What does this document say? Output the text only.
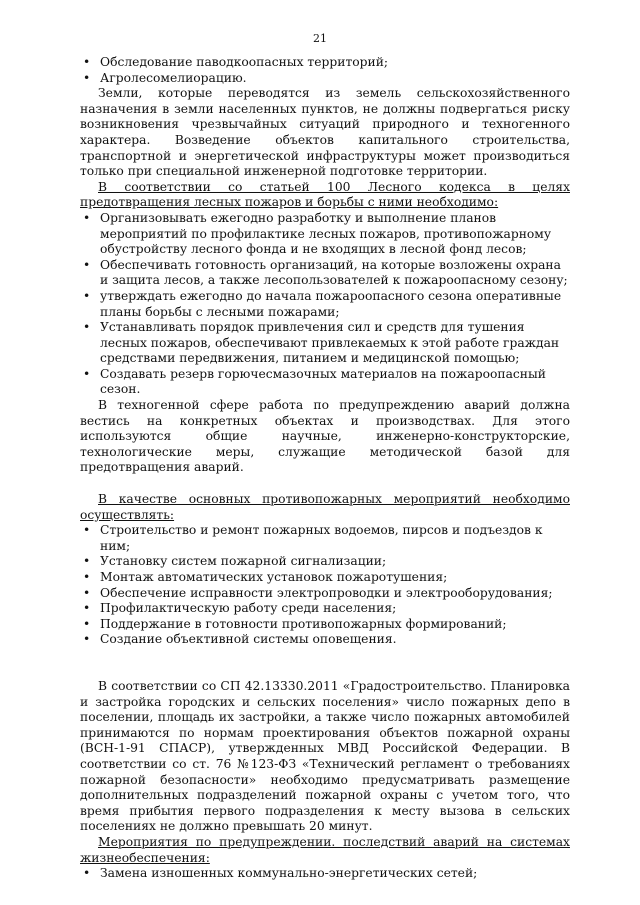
21
• Обследование паводкоопасных территорий;
• Агролесомелиорацию.

Земли, которые переводятся из земель сельскохозяйственного назначения в земли населенных пунктов, не должны подвергаться риску возникновения чрезвычайных ситуаций природного и техногенного характера. Возведение объектов капитального строительства, транспортной и энергетической инфраструктуры может производиться только при специальной инженерной подготовке территории.

В соответствии со статьей 100 Лесного кодекса в целях предотвращения лесных пожаров и борьбы с ними необходимо:

• Организовывать ежегодно разработку и выполнение планов мероприятий по профилактике лесных пожаров, противопожарному обустройству лесного фонда и не входящих в лесной фонд лесов;
• Обеспечивать готовность организаций, на которые возложены охрана и защита лесов, а также лесопользователей к пожароопасному сезону;
• утверждать ежегодно до начала пожароопасного сезона оперативные планы борьбы с лесными пожарами;
• Устанавливать порядок привлечения сил и средств для тушения лесных пожаров, обеспечивают привлекаемых к этой работе граждан средствами передвижения, питанием и медицинской помощью;
• Создавать резерв горючесмазочных материалов на пожароопасный сезон.

В техногенной сфере работа по предупреждению аварий должна вестись на конкретных объектах и производствах. Для этого используются общие научные, инженерно-конструкторские, технологические меры, служащие методической базой для предотвращения аварий.

В качестве основных противопожарных мероприятий необходимо осуществлять:

• Строительство и ремонт пожарных водоемов, пирсов и подъездов к ним;
• Установку систем пожарной сигнализации;
• Монтаж автоматических установок пожаротушения;
• Обеспечение исправности электропроводки и электрооборудования;
• Профилактическую работу среди населения;
• Поддержание в готовности противопожарных формирований;
• Создание объективной системы оповещения.

В соответствии со СП 42.13330.2011 «Градостроительство. Планировка и застройка городских и сельских поселения» число пожарных депо в поселении, площадь их застройки, а также число пожарных автомобилей принимаются по нормам проектирования объектов пожарной охраны (ВСН-1-91 СПАСР), утвержденных МВД Российской Федерации. В соответствии со ст. 76 №123-ФЗ «Технический регламент о требованиях пожарной безопасности» необходимо предусматривать размещение дополнительных подразделений пожарной охраны с учетом того, что время прибытия первого подразделения к месту вызова в сельских поселениях не должно превышать 20 минут.

Мероприятия по предупреждении. последствий аварий на системах жизнеобеспечения:

• Замена изношенных коммунально-энергетических сетей;
